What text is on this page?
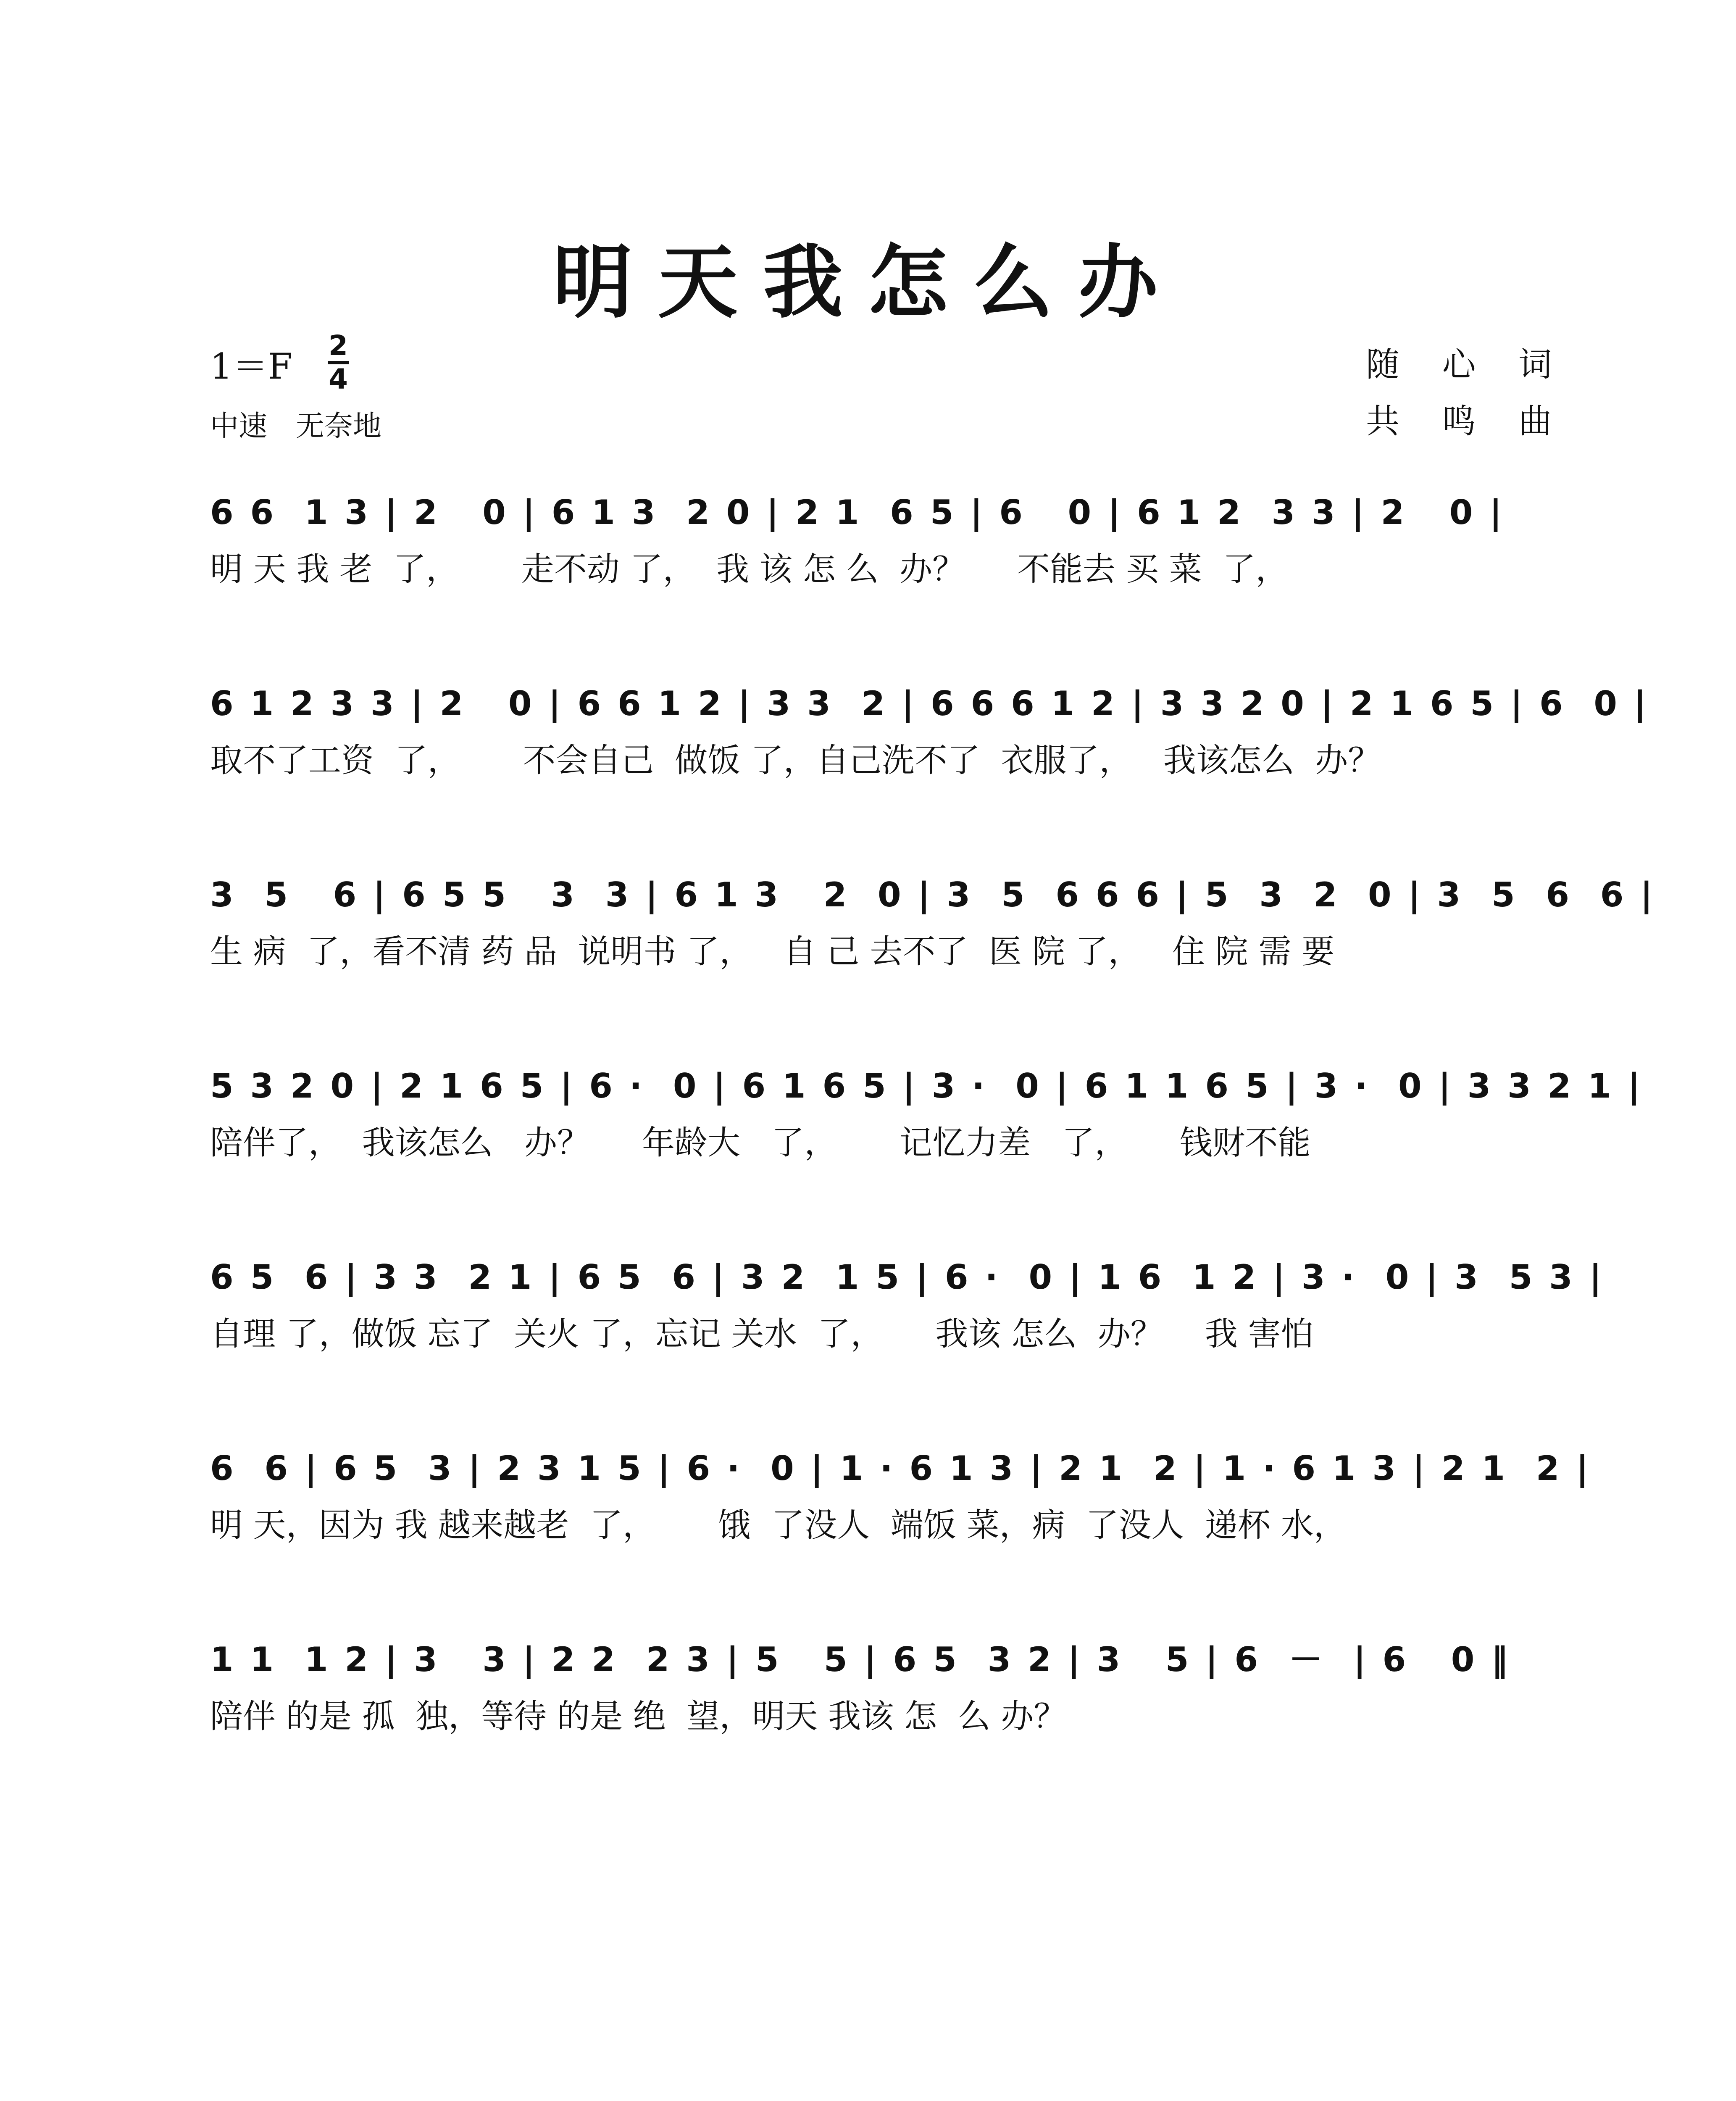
明天我怎么办
1＝F
2
4
中速　无奈地
随 心 词
共 鸣 曲
6 6  1 3 | 2   0 | 6 1 3  2 0 | 2 1  6 5 | 6   0 | 6 1 2  3 3 | 2   0 |
明 天 我 老  了，      走不动 了，  我 该 怎 么  办？     不能去 买 菜  了，
6 1 2 3 3 | 2   0 | 6 6 1 2 | 3 3  2 | 6 6 6 1 2 | 3 3 2 0 | 2 1 6 5 | 6  0 |
取不了工资  了，      不会自己  做饭 了，自己洗不了  衣服了，   我该怎么  办？
3  5   6 | 6 5 5   3  3 | 6 1 3   2  0 | 3  5  6 6 6 | 5  3  2  0 | 3  5  6  6 |
生 病  了，看不清 药 品  说明书 了，   自 己 去不了  医 院 了，   住 院 需 要
5 3 2 0 | 2 1 6 5 | 6 ·  0 | 6 1 6 5 | 3 ·  0 | 6 1 1 6 5 | 3 ·  0 | 3 3 2 1 |
陪伴了，  我该怎么   办？     年龄大   了，      记忆力差   了，     钱财不能
6 5  6 | 3 3  2 1 | 6 5  6 | 3 2  1 5 | 6 ·  0 | 1 6  1 2 | 3 ·  0 | 3  5 3 |
自理 了，做饭 忘了  关火 了，忘记 关水  了，     我该 怎么  办？    我 害怕
6  6 | 6 5  3 | 2 3 1 5 | 6 ·  0 | 1 · 6 1 3 | 2 1  2 | 1 · 6 1 3 | 2 1  2 |
明 天，因为 我 越来越老  了，      饿  了没人  端饭 菜，病  了没人  递杯 水，
1 1  1 2 | 3   3 | 2 2  2 3 | 5   5 | 6 5  3 2 | 3   5 | 6  －  | 6   0 ‖
陪伴 的是 孤  独，等待 的是 绝  望，明天 我该 怎  么 办？
